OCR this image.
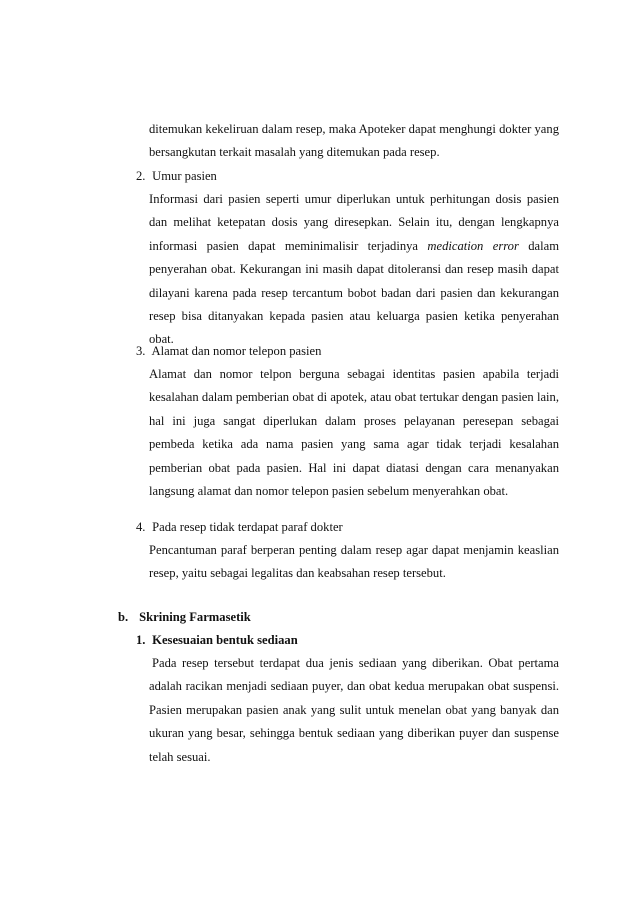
ditemukan kekeliruan dalam resep, maka Apoteker dapat menghungi dokter yang bersangkutan terkait masalah yang ditemukan pada resep.

2. Umur pasien

Informasi dari pasien seperti umur diperlukan untuk perhitungan dosis pasien dan melihat ketepatan dosis yang diresepkan. Selain itu, dengan lengkapnya informasi pasien dapat meminimalisir terjadinya medication error dalam penyerahan obat. Kekurangan ini masih dapat ditoleransi dan resep masih dapat dilayani karena pada resep tercantum bobot badan dari pasien dan kekurangan resep bisa ditanyakan kepada pasien atau keluarga pasien ketika penyerahan obat.

3. Alamat dan nomor telepon pasien

Alamat dan nomor telpon berguna sebagai identitas pasien apabila terjadi kesalahan dalam pemberian obat di apotek, atau obat tertukar dengan pasien lain, hal ini juga sangat diperlukan dalam proses pelayanan peresepan sebagai pembeda ketika ada nama pasien yang sama agar tidak terjadi kesalahan pemberian obat pada pasien. Hal ini dapat diatasi dengan cara menanyakan langsung alamat dan nomor telepon pasien sebelum menyerahkan obat.

4. Pada resep tidak terdapat paraf dokter

Pencantuman paraf berperan penting dalam resep agar dapat menjamin keaslian resep, yaitu sebagai legalitas dan keabsahan resep tersebut.

b. Skrining Farmasetik
1. Kesesuaian bentuk sediaan

Pada resep tersebut terdapat dua jenis sediaan yang diberikan. Obat pertama adalah racikan menjadi sediaan puyer, dan obat kedua merupakan obat suspensi. Pasien merupakan pasien anak yang sulit untuk menelan obat yang banyak dan ukuran yang besar, sehingga bentuk sediaan yang diberikan puyer dan suspense telah sesuai.
